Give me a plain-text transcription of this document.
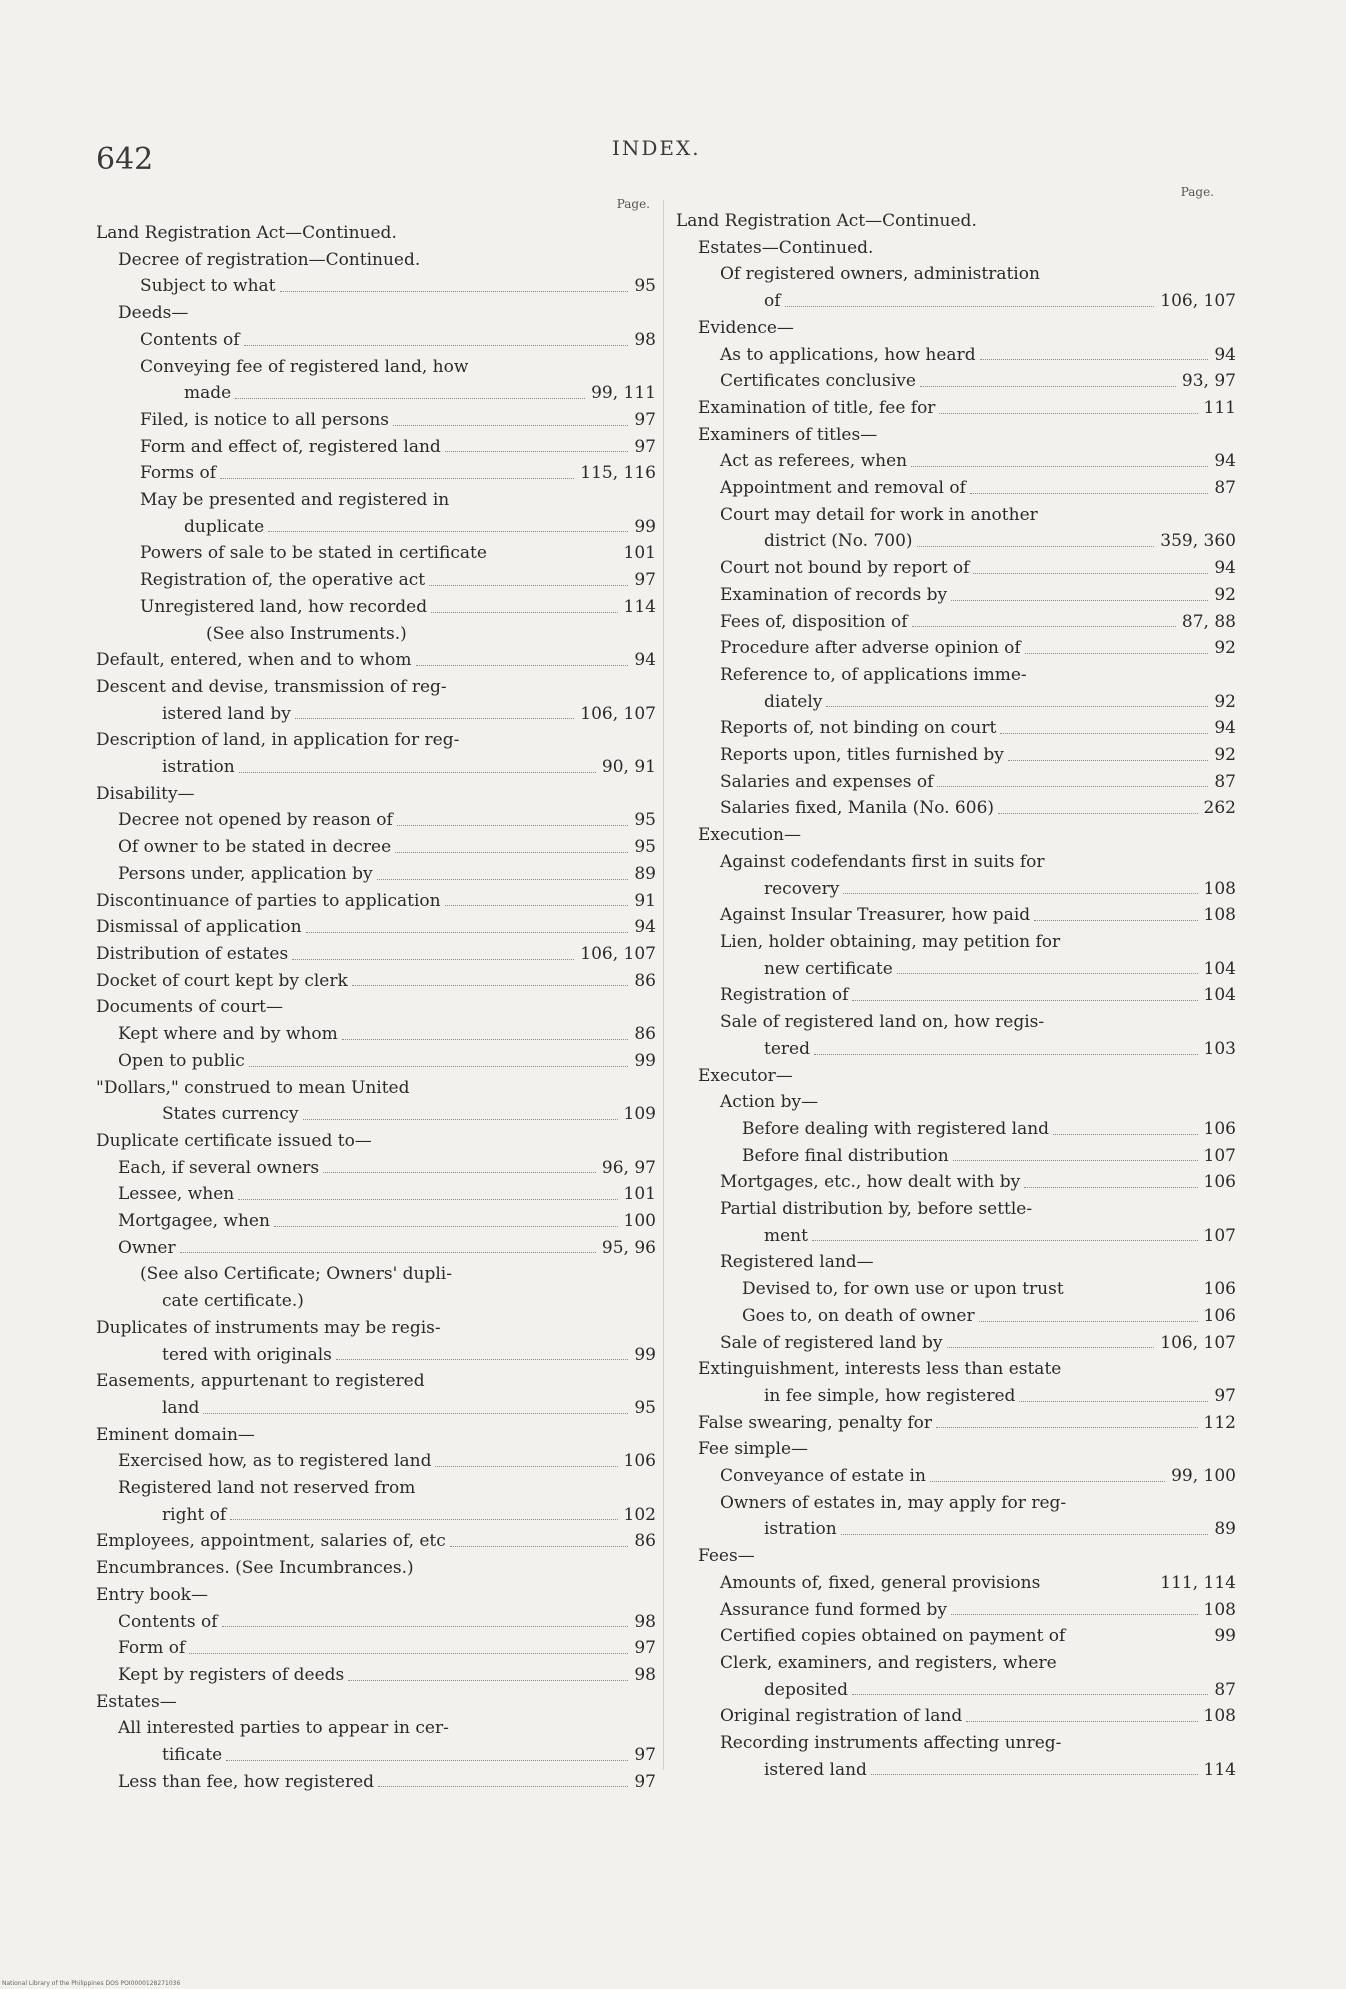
642	INDEX.
Page.
Land Registration Act—Continued.
Decree of registration—Continued.
Subject to what	95
Deeds—
Contents of	98
Conveying fee of registered land, how
made	99, 111
Filed, is notice to all persons	97
Form and effect of, registered land	97
Forms of	115, 116
May be presented and registered in
duplicate	99
Powers of sale to be stated in certificate	101
Registration of, the operative act	97
Unregistered land, how recorded	114
(See also Instruments.)
Default, entered, when and to whom	94
Descent and devise, transmission of reg-
istered land by	106, 107
Description of land, in application for reg-
istration	90, 91
Disability—
Decree not opened by reason of	95
Of owner to be stated in decree	95
Persons under, application by	89
Discontinuance of parties to application	91
Dismissal of application	94
Distribution of estates	106, 107
Docket of court kept by clerk	86
Documents of court—
Kept where and by whom	86
Open to public	99
"Dollars," construed to mean United
States currency	109
Duplicate certificate issued to—
Each, if several owners	96, 97
Lessee, when	101
Mortgagee, when	100
Owner	95, 96
(See also Certificate; Owners' dupli-
cate certificate.)
Duplicates of instruments may be regis-
tered with originals	99
Easements, appurtenant to registered
land	95
Eminent domain—
Exercised how, as to registered land	106
Registered land not reserved from
right of	102
Employees, appointment, salaries of, etc	86
Encumbrances. (See Incumbrances.)
Entry book—
Contents of	98
Form of	97
Kept by registers of deeds	98
Estates—
All interested parties to appear in cer-
tificate	97
Less than fee, how registered	97
Page.
Land Registration Act—Continued.
Estates—Continued.
Of registered owners, administration
of	106, 107
Evidence—
As to applications, how heard	94
Certificates conclusive	93, 97
Examination of title, fee for	111
Examiners of titles—
Act as referees, when	94
Appointment and removal of	87
Court may detail for work in another
district (No. 700)	359, 360
Court not bound by report of	94
Examination of records by	92
Fees of, disposition of	87, 88
Procedure after adverse opinion of	92
Reference to, of applications imme-
diately	92
Reports of, not binding on court	94
Reports upon, titles furnished by	92
Salaries and expenses of	87
Salaries fixed, Manila (No. 606)	262
Execution—
Against codefendants first in suits for
recovery	108
Against Insular Treasurer, how paid	108
Lien, holder obtaining, may petition for
new certificate	104
Registration of	104
Sale of registered land on, how regis-
tered	103
Executor—
Action by—
Before dealing with registered land	106
Before final distribution	107
Mortgages, etc., how dealt with by	106
Partial distribution by, before settle-
ment	107
Registered land—
Devised to, for own use or upon trust	106
Goes to, on death of owner	106
Sale of registered land by	106, 107
Extinguishment, interests less than estate
in fee simple, how registered	97
False swearing, penalty for	112
Fee simple—
Conveyance of estate in	99, 100
Owners of estates in, may apply for reg-
istration	89
Fees—
Amounts of, fixed, general provisions	111, 114
Assurance fund formed by	108
Certified copies obtained on payment of	99
Clerk, examiners, and registers, where
deposited	87
Original registration of land	108
Recording instruments affecting unreg-
istered land	114
National Library of the Philippines DOS POI0000128271036
